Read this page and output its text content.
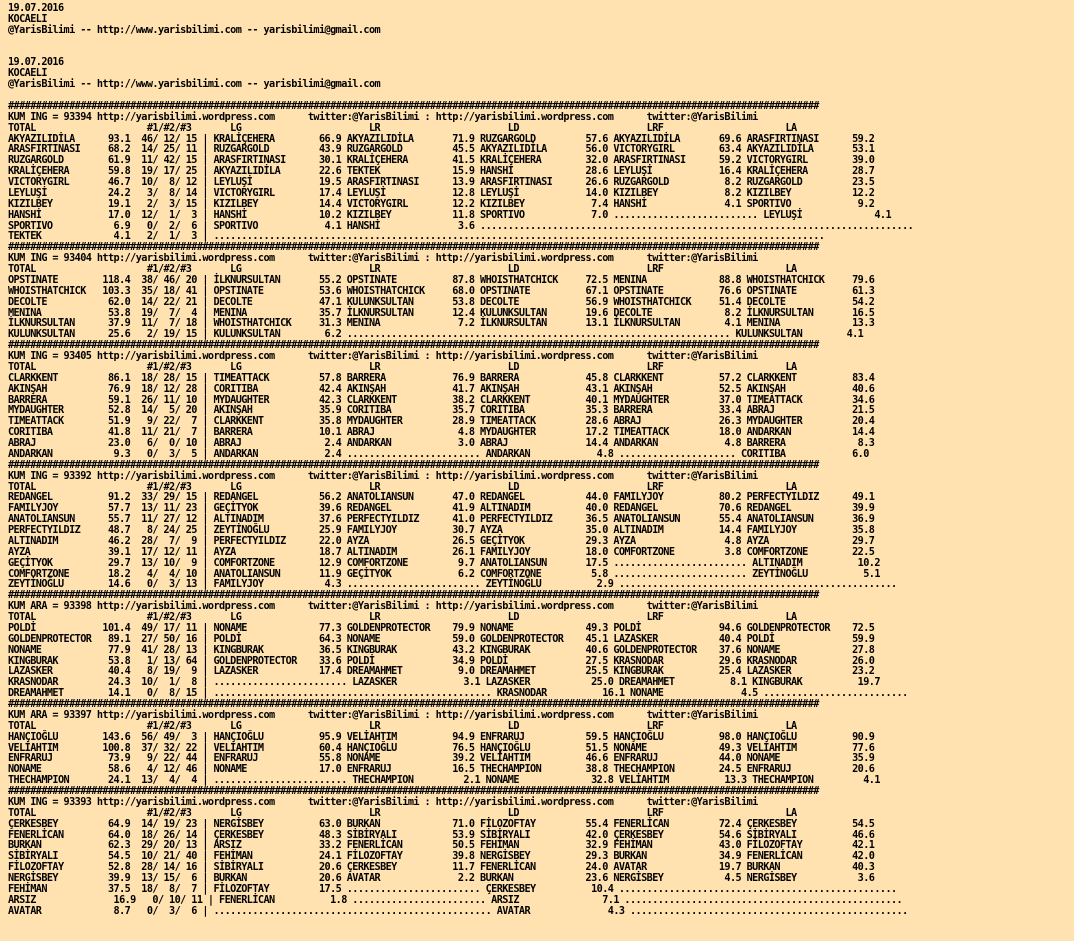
19.07.2016
KOCAELI
@YarisBilimi -- http://www.yarisbilimi.com -- yarisbilimi@gmail.com

19.07.2016
KOCAELI
@YarisBilimi -- http://www.yarisbilimi.com -- yarisbilimi@gmail.com

##################################################################################################################################################
KUM ING = 93394 http://yarisbilimi.wordpress.com      twitter:@YarisBilimi : http://yarisbilimi.wordpress.com      twitter:@YarisBilimi
TOTAL                    #1/#2/#3       LG                       LR                       LD                       LRF                      LA
AKYAZILIDİLA      93.1  46/ 12/ 15 | KRALİÇEHERA        66.9 AKYAZILIDİLA       71.9 RUZGARGOLD         57.6 AKYAZILIDİLA       69.6 ARASFIRTINASI      59.2
ARASFIRTINASI     68.2  14/ 25/ 11 | RUZGARGOLD         43.9 RUZGARGOLD         45.5 AKYAZILIDİLA       56.0 VICTORYGIRL        63.4 AKYAZILIDİLA       53.1
RUZGARGOLD        61.9  11/ 42/ 15 | ARASFIRTINASI      30.1 KRALİÇEHERA        41.5 KRALİÇEHERA        32.0 ARASFIRTINASI      59.2 VICTORYGIRL        39.0
KRALİÇEHERA       59.8  19/ 17/ 25 | AKYAZILIDİLA       22.6 TEKTEK             15.9 HANSHİ             28.6 LEYLUŞİ            16.4 KRALİÇEHERA        28.7
VICTORYGIRL       46.7  10/  8/ 12 | LEYLUŞİ            19.5 ARASFIRTINASI      13.9 ARASFIRTINASI      26.6 RUZGARGOLD          8.2 RUZGARGOLD         23.5
LEYLUŞİ           24.2   3/  8/ 14 | VICTORYGIRL        17.4 LEYLUŞİ            12.8 LEYLUŞİ            14.0 KIZILBEY            8.2 KIZILBEY           12.2
KIZILBEY          19.1   2/  3/ 15 | KIZILBEY           14.4 VICTORYGIRL        12.2 KIZILBEY            7.4 HANSHİ              4.1 SPORTIVO            9.2
HANSHİ            17.0  12/  1/  3 | HANSHİ             10.2 KIZILBEY           11.8 SPORTIVO            7.0 .......................... LEYLUŞİ             4.1
SPORTIVO           6.9   0/  2/  6 | SPORTIVO            4.1 HANSHİ              3.6 ..............................................................................
TEKTEK             4.1   2/  1/  3 | ..............................................................................................................
##################################################################################################################################################
KUM ING = 93404 http://yarisbilimi.wordpress.com      twitter:@YarisBilimi : http://yarisbilimi.wordpress.com      twitter:@YarisBilimi
TOTAL                    #1/#2/#3       LG                       LR                       LD                       LRF                      LA
OPSTINATE        118.4  38/ 46/ 20 | İLKNURSULTAN       55.2 OPSTINATE          87.8 WHOISTHATCHICK     72.5 MENINA             88.8 WHOISTHATCHICK     79.6
WHOISTHATCHICK   103.3  35/ 18/ 41 | OPSTINATE          53.6 WHOISTHATCHICK     68.0 OPSTINATE          67.1 OPSTINATE          76.6 OPSTINATE          61.3
DECOLTE           62.0  14/ 22/ 21 | DECOLTE            47.1 KULUNKSULTAN       53.8 DECOLTE            56.9 WHOISTHATCHICK     51.4 DECOLTE            54.2
MENINA            53.8  19/  7/  4 | MENINA             35.7 İLKNURSULTAN       12.4 KULUNKSULTAN       19.6 DECOLTE             8.2 İLKNURSULTAN       16.5
İLKNURSULTAN      37.9  11/  7/ 18 | WHOISTHATCHICK     31.3 MENINA              7.2 İLKNURSULTAN       13.1 İLKNURSULTAN        4.1 MENINA             13.3
KULUNKSULTAN      25.6   2/ 19/ 15 | KULUNKSULTAN        6.2 ..................................................................... KULUNKSULTAN        4.1
##################################################################################################################################################
KUM ING = 93405 http://yarisbilimi.wordpress.com      twitter:@YarisBilimi : http://yarisbilimi.wordpress.com      twitter:@YarisBilimi
TOTAL                    #1/#2/#3       LG                       LR                       LD                       LRF                      LA
CLARKKENT         86.1  18/ 28/ 15 | TIMEATTACK         57.8 BARRERA            76.9 BARRERA            45.8 CLARKKENT          57.2 CLARKKENT          83.4
AKINŞAH           76.9  18/ 12/ 28 | CORITIBA           42.4 AKINŞAH            41.7 AKINŞAH            43.1 AKINŞAH            52.5 AKINŞAH            40.6
BARRERA           59.1  26/ 11/ 10 | MYDAUGHTER         42.3 CLARKKENT          38.2 CLARKKENT          40.1 MYDAUGHTER         37.0 TIMEATTACK         34.6
MYDAUGHTER        52.8  14/  5/ 20 | AKINŞAH            35.9 CORITIBA           35.7 CORITIBA           35.3 BARRERA            33.4 ABRAJ              21.5
TIMEATTACK        51.9   9/ 22/  7 | CLARKKENT          35.8 MYDAUGHTER         28.9 TIMEATTACK         28.6 ABRAJ              26.3 MYDAUGHTER         20.4
CORITIBA          41.8  11/ 21/  7 | BARRERA            10.1 ABRAJ               4.8 MYDAUGHTER         17.2 TIMEATTACK         18.0 ANDARKAN           14.4
ABRAJ             23.0   6/  0/ 10 | ABRAJ               2.4 ANDARKAN            3.0 ABRAJ              14.4 ANDARKAN            4.8 BARRERA             8.3
ANDARKAN           9.3   0/  3/  5 | ANDARKAN            2.4 ........................ ANDARKAN            4.8 ..................... CORITIBA            6.0
##################################################################################################################################################
KUM ING = 93392 http://yarisbilimi.wordpress.com      twitter:@YarisBilimi : http://yarisbilimi.wordpress.com      twitter:@YarisBilimi
TOTAL                    #1/#2/#3       LG                       LR                       LD                       LRF                      LA
REDANGEL          91.2  33/ 29/ 15 | REDANGEL           56.2 ANATOLIANSUN       47.0 REDANGEL           44.0 FAMILYJOY          80.2 PERFECTYILDIZ      49.1
FAMILYJOY         57.7  13/ 11/ 23 | GEÇİTYOK           39.6 REDANGEL           41.9 ALTINADIM          40.0 REDANGEL           70.6 REDANGEL           39.9
ANATOLIANSUN      55.7  11/ 27/ 12 | ALTINADIM          37.6 PERFECTYILDIZ      41.0 PERFECTYILDIZ      36.5 ANATOLIANSUN       55.4 ANATOLIANSUN       36.9
PERFECTYILDIZ     48.7   8/ 24/ 25 | ZEYTİNOĞLU         25.9 FAMILYJOY          30.7 AYZA               35.0 ALTINADIM          14.4 FAMILYJOY          35.8
ALTINADIM         46.2  28/  7/  9 | PERFECTYILDIZ      22.0 AYZA               26.5 GEÇİTYOK           29.3 AYZA                4.8 AYZA               29.7
AYZA              39.1  17/ 12/ 11 | AYZA               18.7 ALTINADIM          26.1 FAMILYJOY          18.0 COMFORTZONE         3.8 COMFORTZONE        22.5
GEÇİTYOK          29.7  13/ 10/  9 | COMFORTZONE        12.9 COMFORTZONE         9.7 ANATOLIANSUN       17.5 ........................ ALTINADIM          10.2
COMFORTZONE       18.2   4/  4/ 10 | ANATOLIANSUN       11.9 GEÇİTYOK            6.2 COMFORTZONE         5.8 ........................ ZEYTİNOĞLU          5.1
ZEYTİNOĞLU        14.6   0/  3/ 13 | FAMILYJOY           4.3 ........................ ZEYTİNOĞLU          2.9 ..................................................
##################################################################################################################################################
KUM ARA = 93398 http://yarisbilimi.wordpress.com      twitter:@YarisBilimi : http://yarisbilimi.wordpress.com      twitter:@YarisBilimi
TOTAL                    #1/#2/#3       LG                       LR                       LD                       LRF                      LA
POLDİ            101.4  49/ 17/ 11 | NONAME             77.3 GOLDENPROTECTOR    79.9 NONAME             49.3 POLDİ              94.6 GOLDENPROTECTOR    72.5
GOLDENPROTECTOR   89.1  27/ 50/ 16 | POLDİ              64.3 NONAME             59.0 GOLDENPROTECTOR    45.1 LAZASKER           40.4 POLDİ              59.9
NONAME            77.9  41/ 28/ 13 | KINGBURAK          36.5 KINGBURAK          43.2 KINGBURAK          40.6 GOLDENPROTECTOR    37.6 NONAME             27.8
KINGBURAK         53.8   1/ 13/ 64 | GOLDENPROTECTOR    33.6 POLDİ              34.9 POLDİ              27.5 KRASNODAR          29.6 KRASNODAR          26.0
LAZASKER          40.4   8/ 19/  9 | LAZASKER           17.4 DREAMAHMET          9.0 DREAMAHMET         25.5 KINGBURAK          25.4 LAZASKER           23.2
KRASNODAR         24.3  10/  1/  8 | ........................ LAZASKER            3.1 LAZASKER           25.0 DREAMAHMET          8.1 KINGBURAK          19.7
DREAMAHMET        14.1   0/  8/ 15 | .................................................. KRASNODAR          16.1 NONAME              4.5 ..........................
##################################################################################################################################################
KUM ARA = 93397 http://yarisbilimi.wordpress.com      twitter:@YarisBilimi : http://yarisbilimi.wordpress.com      twitter:@YarisBilimi
TOTAL                    #1/#2/#3       LG                       LR                       LD                       LRF                      LA
HANÇIOĞLU        143.6  56/ 49/  3 | HANÇIOĞLU          95.9 VELİAHTIM          94.9 ENFRARUJ           59.5 HANÇIOĞLU          98.0 HANÇIOĞLU          90.9
VELİAHTIM        100.8  37/ 32/ 22 | VELİAHTIM          60.4 HANÇIOĞLU          76.5 HANÇIOĞLU          51.5 NONAME             49.3 VELİAHTIM          77.6
ENFRARUJ          73.9   9/ 22/ 44 | ENFRARUJ           55.8 NONAME             39.2 VELİAHTIM          46.6 ENFRARUJ           44.0 NONAME             35.9
NONAME            58.6   4/ 12/ 46 | NONAME             17.0 ENFRARUJ           16.5 THECHAMPION        38.8 THECHAMPION        24.5 ENFRARUJ           20.6
THECHAMPION       24.1  13/  4/  4 | ........................ THECHAMPION         2.1 NONAME             32.8 VELİAHTIM          13.3 THECHAMPION         4.1
##################################################################################################################################################
KUM ING = 93393 http://yarisbilimi.wordpress.com      twitter:@YarisBilimi : http://yarisbilimi.wordpress.com      twitter:@YarisBilimi
TOTAL                    #1/#2/#3       LG                       LR                       LD                       LRF                      LA
ÇERKESBEY         64.9  14/ 19/ 23 | NERGİSBEY          63.0 BURKAN             71.0 FİLOZOFTAY         55.4 FENERLİCAN         72.4 ÇERKESBEY          54.5
FENERLİCAN        64.0  18/ 26/ 14 | ÇERKESBEY          48.3 SİBİRYALI          53.9 SİBİRYALI          42.0 ÇERKESBEY          54.6 SİBİRYALI          46.6
BURKAN            62.3  29/ 20/ 13 | ARSIZ              33.2 FENERLİCAN         50.5 FEHİMAN            32.9 FEHİMAN            43.0 FİLOZOFTAY         42.1
SİBİRYALI         54.5  10/ 21/ 40 | FEHİMAN            24.1 FİLOZOFTAY         39.8 NERGİSBEY          29.3 BURKAN             34.9 FENERLİCAN         42.0
FİLOZOFTAY        52.8  28/ 14/ 16 | SİBİRYALI          20.6 ÇERKESBEY          11.7 FENERLİCAN         24.0 AVATAR             19.7 BURKAN             40.3
NERGİSBEY         39.9  13/ 15/  6 | BURKAN             20.6 AVATAR              2.2 BURKAN             23.6 NERGİSBEY           4.5 NERGİSBEY           3.6
FEHİMAN           37.5  18/  8/  7 | FİLOZOFTAY         17.5 ........................ ÇERKESBEY          10.4 ..................................................
ARSIZ              16.9   0/ 10/ 11 | FENERLİCAN          1.8 ........................ ARSIZ               7.1 ..................................................
AVATAR             8.7   0/  3/  6 | .................................................. AVATAR              4.3 ..................................................
